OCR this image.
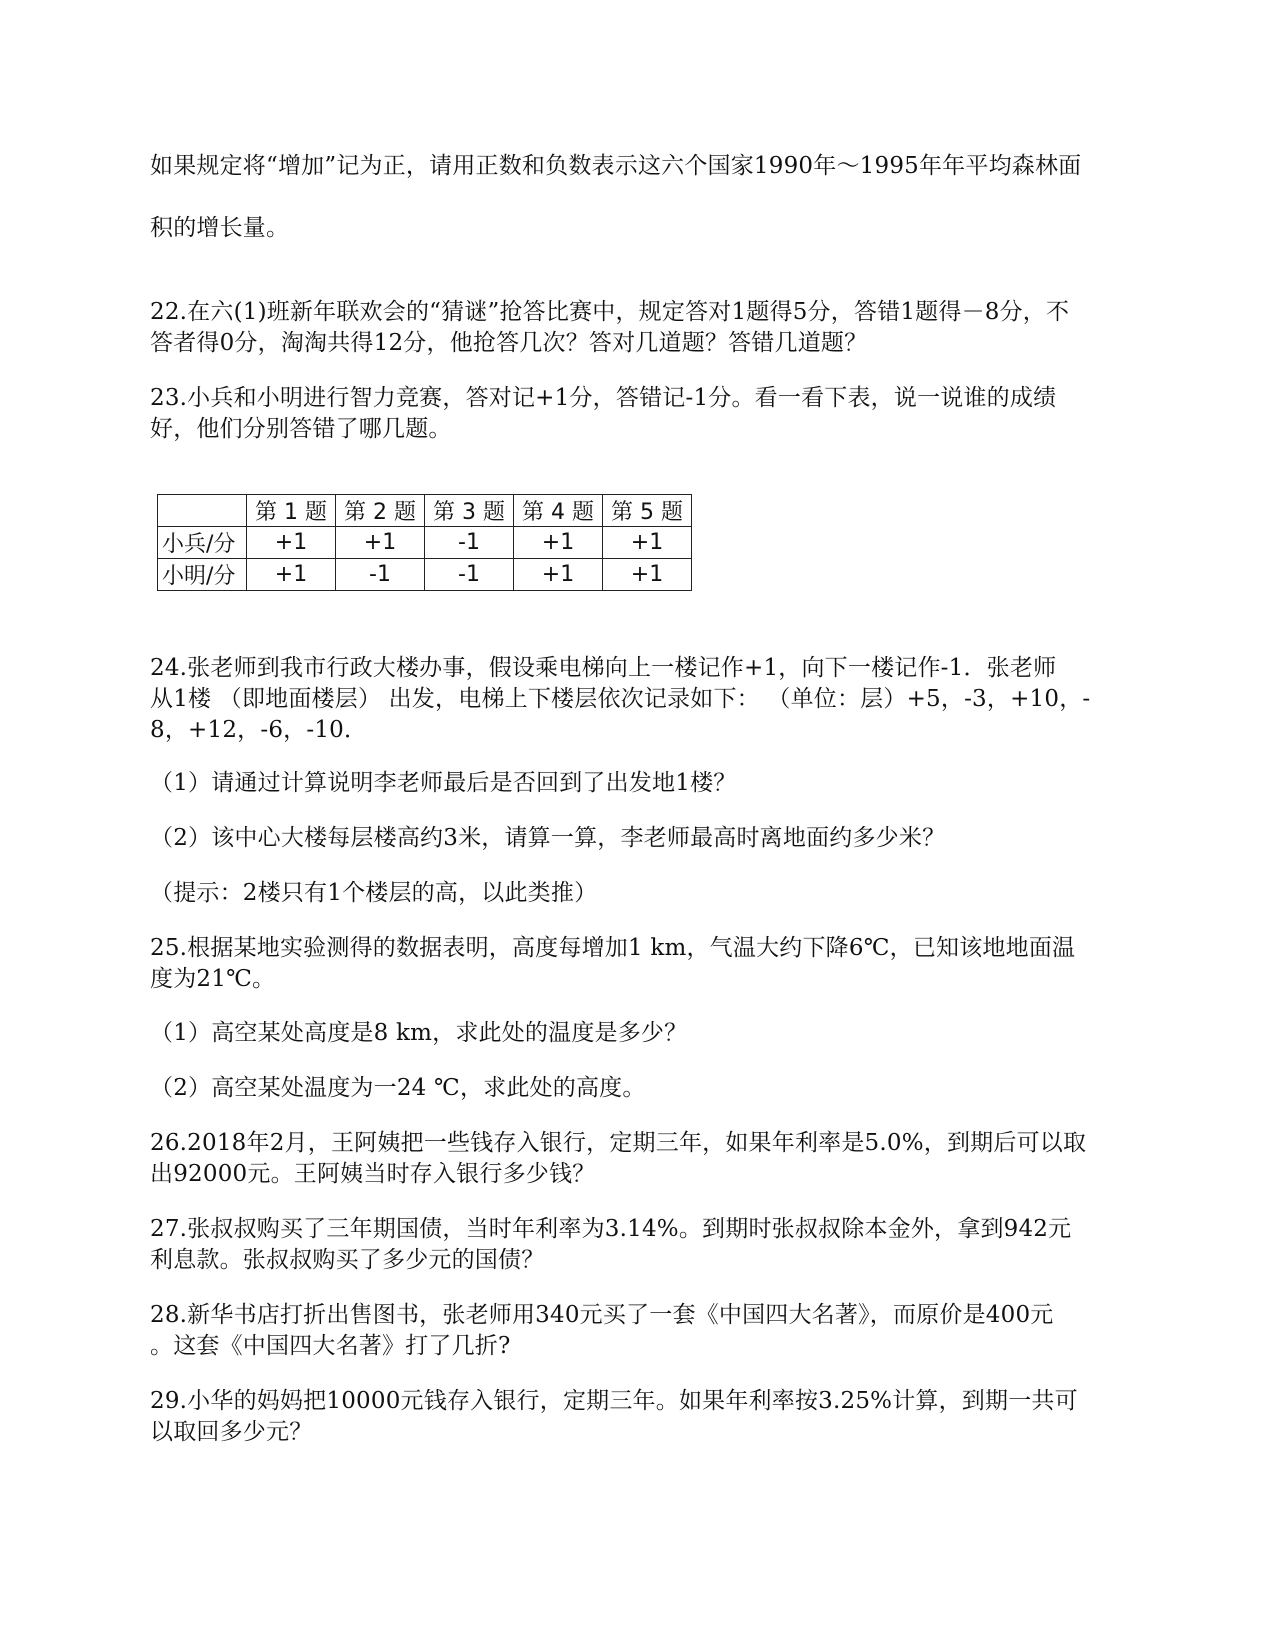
如果规定将“增加”记为正，请用正数和负数表示这六个国家1990年～1995年年平均森林面
积的增长量。
22.在六(1)班新年联欢会的“猜谜”抢答比赛中，规定答对1题得5分，答错1题得－8分，不
答者得0分，淘淘共得12分，他抢答几次？答对几道题？答错几道题？
23.小兵和小明进行智力竞赛，答对记+1分，答错记-1分。看一看下表，说一说谁的成绩
好，他们分别答错了哪几题。
	第 1 题	第 2 题	第 3 题	第 4 题	第 5 题
小兵/分	+1	+1	-1	+1	+1
小明/分	+1	-1	-1	+1	+1
24.张老师到我市行政大楼办事，假设乘电梯向上一楼记作+1，向下一楼记作-1．张老师
从1楼 （即地面楼层） 出发，电梯上下楼层依次记录如下： （单位：层）+5，-3，+10，-
8，+12，-6，-10．
（1）请通过计算说明李老师最后是否回到了出发地1楼？
（2）该中心大楼每层楼高约3米，请算一算，李老师最高时离地面约多少米？
（提示：2楼只有1个楼层的高，以此类推）
25.根据某地实验测得的数据表明，高度每增加1 km，气温大约下降6℃，已知该地地面温
度为21℃。
（1）高空某处高度是8 km，求此处的温度是多少？
（2）高空某处温度为一24 ℃，求此处的高度。
26.2018年2月，王阿姨把一些钱存入银行，定期三年，如果年利率是5.0%，到期后可以取
出92000元。王阿姨当时存入银行多少钱？
27.张叔叔购买了三年期国债，当时年利率为3.14%。到期时张叔叔除本金外，拿到942元
利息款。张叔叔购买了多少元的国债？
28.新华书店打折出售图书，张老师用340元买了一套《中国四大名著》，而原价是400元
。这套《中国四大名著》打了几折?
29.小华的妈妈把10000元钱存入银行，定期三年。如果年利率按3.25%计算，到期一共可
以取回多少元？
